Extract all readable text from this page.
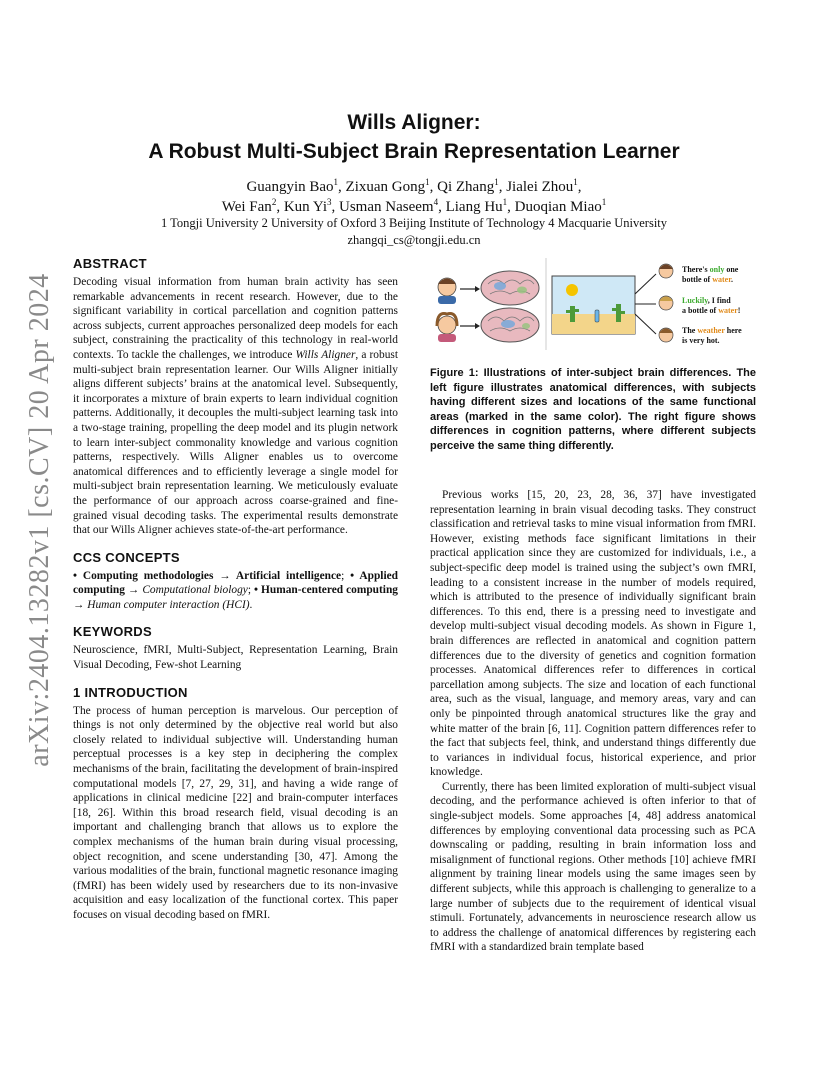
arXiv:2404.13282v1 [cs.CV] 20 Apr 2024
Wills Aligner:
A Robust Multi-Subject Brain Representation Learner
Guangyin Bao$^1$, Zixuan Gong$^1$, Qi Zhang$^1$, Jialei Zhou$^1$,
Wei Fan$^2$, Kun Yi$^3$, Usman Naseem$^4$, Liang Hu$^1$, Duoqian Miao$^1$
1 Tongji University 2 University of Oxford 3 Beijing Institute of Technology 4 Macquarie University
zhangqi_cs@tongji.edu.cn
ABSTRACT

Decoding visual information from human brain activity has seen remarkable advancements in recent research. However, due to the significant variability in cortical parcellation and cognition patterns across subjects, current approaches personalized deep models for each subject, constraining the practicality of this technology in real-world contexts. To tackle the challenges, we introduce Wills Aligner, a robust multi-subject brain representation learner. Our Wills Aligner initially aligns different subjects’ brains at the anatomical level. Subsequently, it incorporates a mixture of brain experts to learn individual cognition patterns. Additionally, it decouples the multi-subject learning task into a two-stage training, propelling the deep model and its plugin network to learn inter-subject commonality knowledge and various cognition patterns, respectively. Wills Aligner enables us to overcome anatomical differences and to efficiently leverage a single model for multi-subject brain representation learning. We meticulously evaluate the performance of our approach across coarse-grained and fine-grained visual decoding tasks. The experimental results demonstrate that our Wills Aligner achieves state-of-the-art performance.

CCS CONCEPTS

• Computing methodologies → Artificial intelligence; • Applied computing → Computational biology; • Human-centered computing → Human computer interaction (HCI).

KEYWORDS

Neuroscience, fMRI, Multi-Subject, Representation Learning, Brain Visual Decoding, Few-shot Learning

1 INTRODUCTION

The process of human perception is marvelous. Our perception of things is not only determined by the objective real world but also closely related to individual subjective will. Understanding human perceptual processes is a key step in deciphering the complex mechanisms of the brain, facilitating the development of brain-inspired computational models [7, 27, 29, 31], and having a wide range of applications in clinical medicine [22] and brain-computer interfaces [18, 26]. Within this broad research field, visual decoding is an important and challenging branch that allows us to explore the complex mechanisms of the human brain during visual processing, object recognition, and scene understanding [30, 47]. Among the various modalities of the brain, functional magnetic resonance imaging (fMRI) has been widely used by researchers due to its non-invasive acquisition and easy localization of the functional cortex. This paper focuses on visual decoding based on fMRI.

There's only one
bottle of water.
Luckily, I find
a bottle of water!
The weather here
is very hot.
Figure 1: Illustrations of inter-subject brain differences. The left figure illustrates anatomical differences, with subjects having different sizes and locations of the same functional areas (marked in the same color). The right figure shows differences in cognition patterns, where different subjects perceive the same thing differently.

Previous works [15, 20, 23, 28, 36, 37] have investigated representation learning in brain visual decoding tasks. They construct classification and retrieval tasks to mine visual information from fMRI. However, existing methods face significant limitations in their practical application since they are customized for individuals, i.e., a subject-specific deep model is trained using the subject’s own fMRI, leading to a consistent increase in the number of models required, which is attributed to the presence of individually significant brain differences. To this end, there is a pressing need to investigate and develop multi-subject visual decoding models. As shown in Figure 1, brain differences are reflected in anatomical and cognition pattern differences due to the diversity of genetics and cognition formation processes. Anatomical differences refer to differences in cortical parcellation among subjects. The size and location of each functional area, such as the visual, language, and memory areas, vary and can only be pinpointed through anatomical structures like the gray and white matter of the brain [6, 11]. Cognition pattern differences refer to the fact that subjects feel, think, and understand things differently due to variances in individual focus, historical experience, and prior knowledge.

Currently, there has been limited exploration of multi-subject visual decoding, and the performance achieved is often inferior to that of single-subject models. Some approaches [4, 48] address anatomical differences by employing conventional data processing such as PCA downscaling or padding, resulting in brain information loss and misalignment of functional regions. Other methods [10] achieve fMRI alignment by training linear models using the same images seen by different subjects, while this approach is challenging to generalize to a large number of subjects due to the requirement of identical visual stimuli. Fortunately, advancements in neuroscience research allow us to address the challenge of anatomical differences by registering each fMRI with a standardized brain template based
